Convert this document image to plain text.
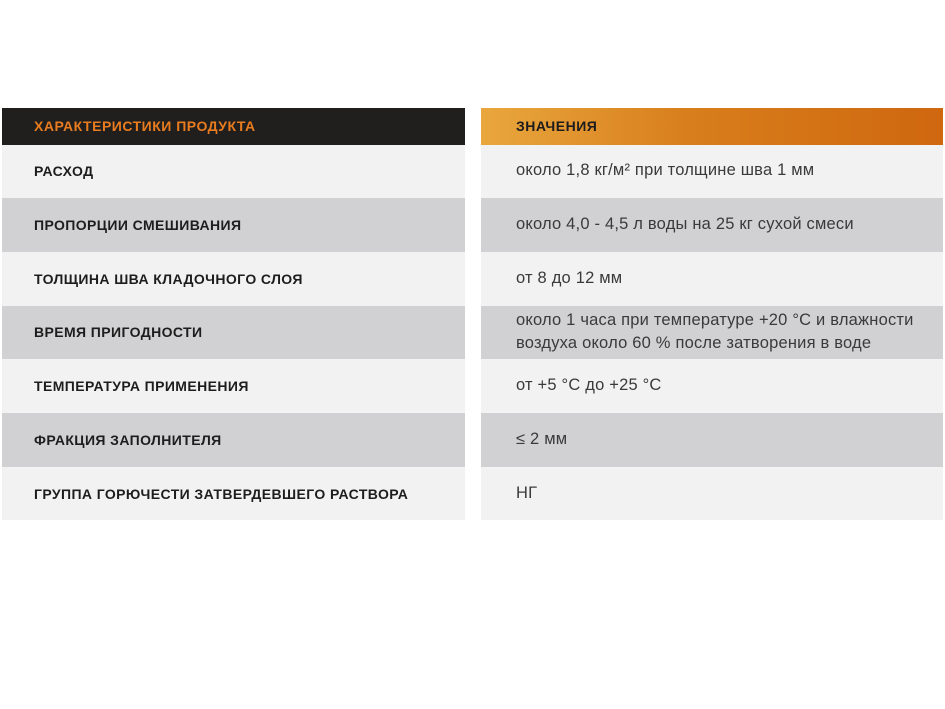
ХАРАКТЕРИСТИКИ ПРОДУКТА
РАСХОД
ПРОПОРЦИИ СМЕШИВАНИЯ
ТОЛЩИНА ШВА КЛАДОЧНОГО СЛОЯ
ВРЕМЯ ПРИГОДНОСТИ
ТЕМПЕРАТУРА ПРИМЕНЕНИЯ
ФРАКЦИЯ ЗАПОЛНИТЕЛЯ
ГРУППА ГОРЮЧЕСТИ ЗАТВЕРДЕВШЕГО РАСТВОРА
ЗНАЧЕНИЯ
около 1,8 кг/м² при толщине шва 1 мм
около 4,0 - 4,5 л воды на 25 кг сухой смеси
от 8 до 12 мм
около 1 часа при температуре +20 °C и влажности воздуха около 60 % после затворения в воде
от +5 °C до +25 °C
≤ 2 мм
НГ
